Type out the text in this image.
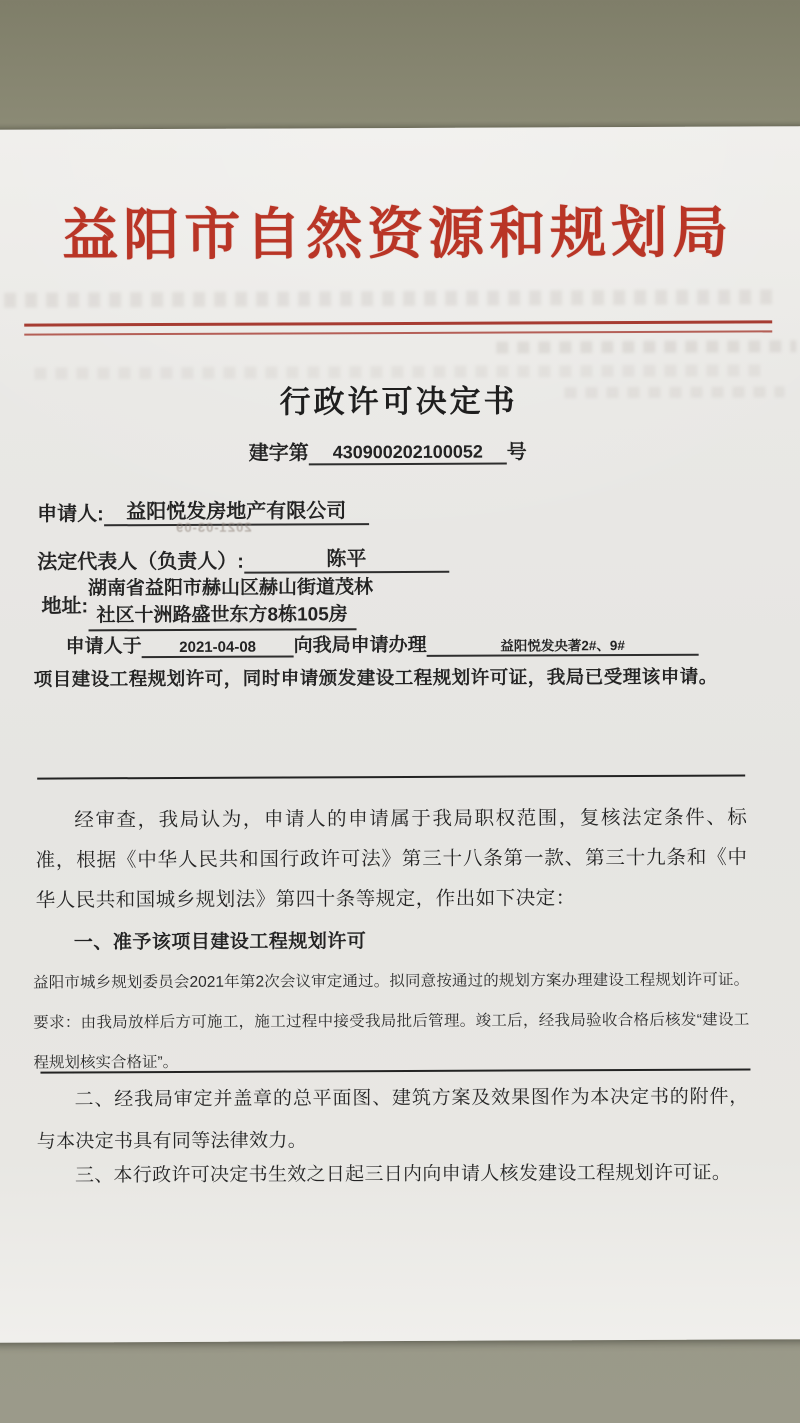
益阳市自然资源和规划局
行政许可决定书
建字第	430900202100052	号
申请人:	益阳悦发房地产有限公司
2021-03-09
法定代表人（负责人）:	陈平
地址:
湖南省益阳市赫山区赫山街道茂林
社区十洲路盛世东方8栋105房
申请人于	2021-04-08	向我局申请办理	益阳悦发央著2#、9#
项目建设工程规划许可，同时申请颁发建设工程规划许可证，我局已受理该申请。
经审查，我局认为，申请人的申请属于我局职权范围，复核法定条件、标准，根据《中华人民共和国行政许可法》第三十八条第一款、第三十九条和《中华人民共和国城乡规划法》第四十条等规定，作出如下决定：
一、准予该项目建设工程规划许可
益阳市城乡规划委员会2021年第2次会议审定通过。拟同意按通过的规划方案办理建设工程规划许可证。要求：由我局放样后方可施工，施工过程中接受我局批后管理。竣工后，经我局验收合格后核发“建设工程规划核实合格证”。
二、经我局审定并盖章的总平面图、建筑方案及效果图作为本决定书的附件，与本决定书具有同等法律效力。
三、本行政许可决定书生效之日起三日内向申请人核发建设工程规划许可证。
